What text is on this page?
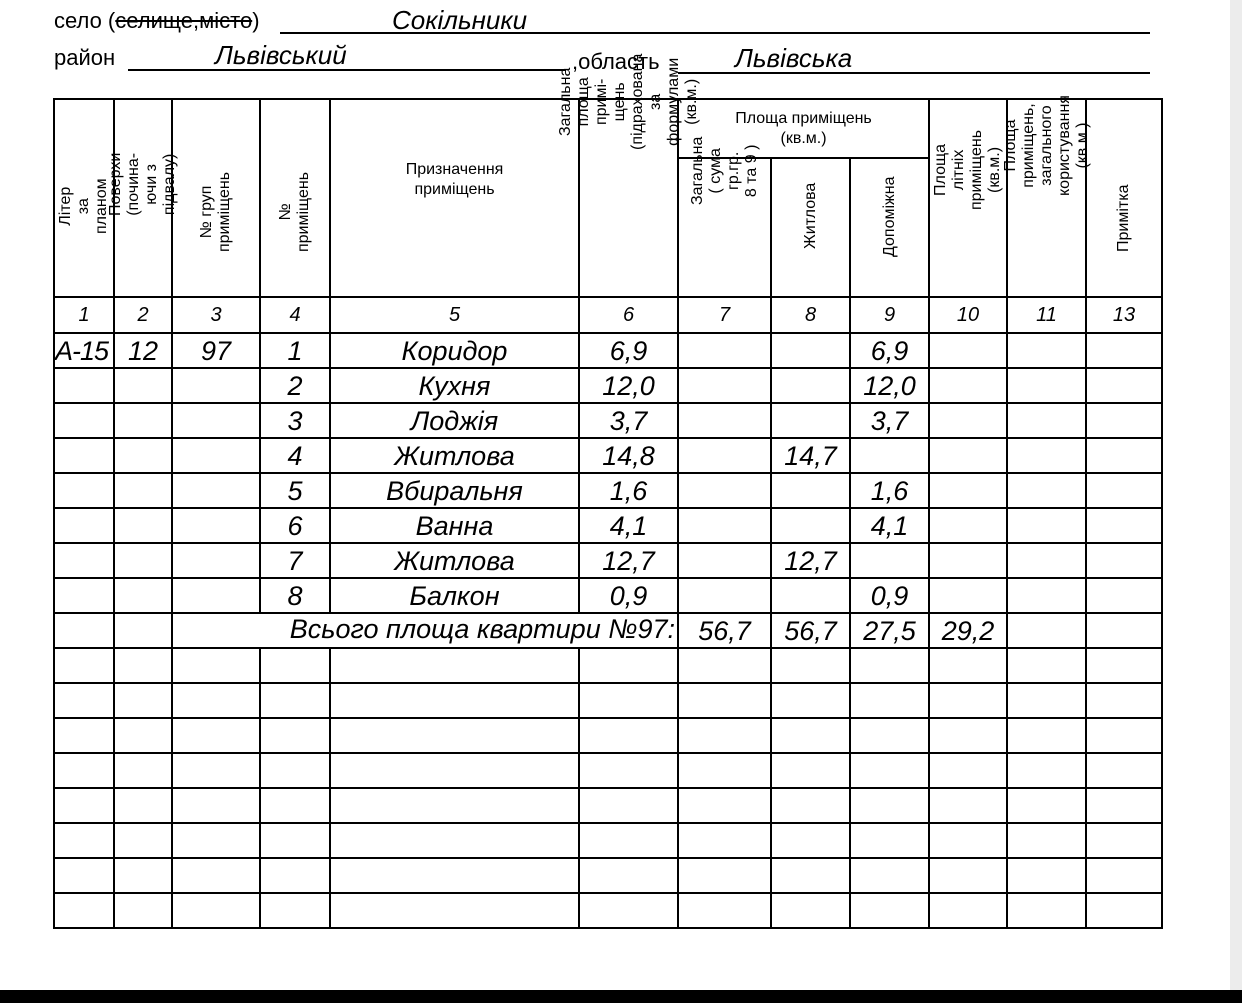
село (селище,місто)	Сокільники
район	Львівський	,область	Львівська
Літер за планом	Поверхи (почина-
ючи з підвалу)	№ груп приміщень	№ приміщень	Призначення
приміщень	Загальна площа примі-
щень (підрахована за
формулами (кв.м.)	Площа приміщень
(кв.м.)			Площа літніх
приміщень (кв.м.)	Площа приміщень,
загального
користування (кв.м.)	Примітка	

						Загальна
( сума гр.гр.
8 та 9 )	Житлова	Допоміжна				

1	2	3	4	5	6	7	8	9	10	11	13	
А-15	12	97	1	Коридор	6,9			6,9				
			2	Кухня	12,0			12,0				
			3	Лоджія	3,7			3,7				
			4	Житлова	14,8		14,7					
			5	Вбиральня	1,6			1,6				
			6	Ванна	4,1			4,1				
			7	Житлова	12,7		12,7					
			8	Балкон	0,9			0,9				

		Всього площа квартири №97:				56,7	56,7	27,5	29,2			
